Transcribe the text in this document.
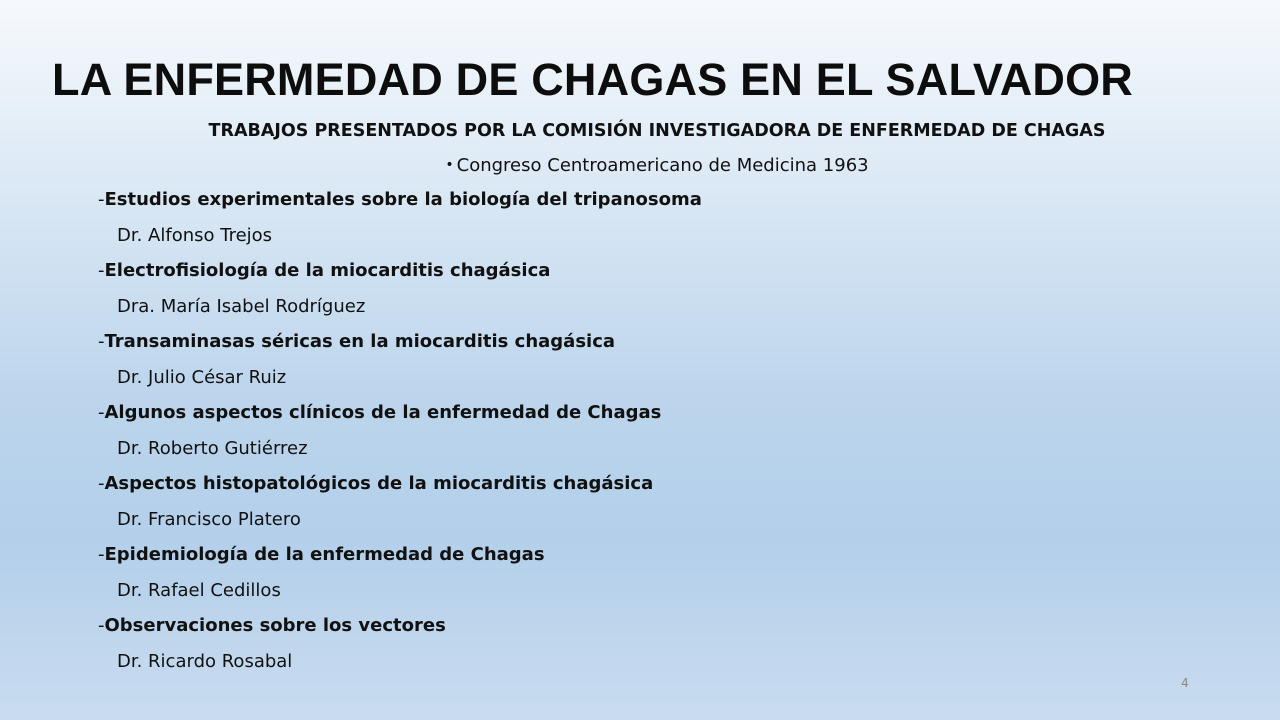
LA ENFERMEDAD DE CHAGAS EN EL SALVADOR
TRABAJOS PRESENTADOS POR LA COMISIÓN INVESTIGADORA DE ENFERMEDAD DE CHAGAS
• Congreso Centroamericano de Medicina 1963
-Estudios experimentales sobre la biología del tripanosoma
Dr. Alfonso Trejos
-Electrofisiología de la miocarditis chagásica
Dra. María Isabel Rodríguez
-Transaminasas séricas en la miocarditis chagásica
Dr. Julio César Ruiz
-Algunos aspectos clínicos de la enfermedad de Chagas
Dr. Roberto Gutiérrez
-Aspectos histopatológicos de la miocarditis chagásica
Dr. Francisco Platero
-Epidemiología de la enfermedad de Chagas
Dr. Rafael Cedillos
-Observaciones sobre los vectores
Dr. Ricardo Rosabal
4
